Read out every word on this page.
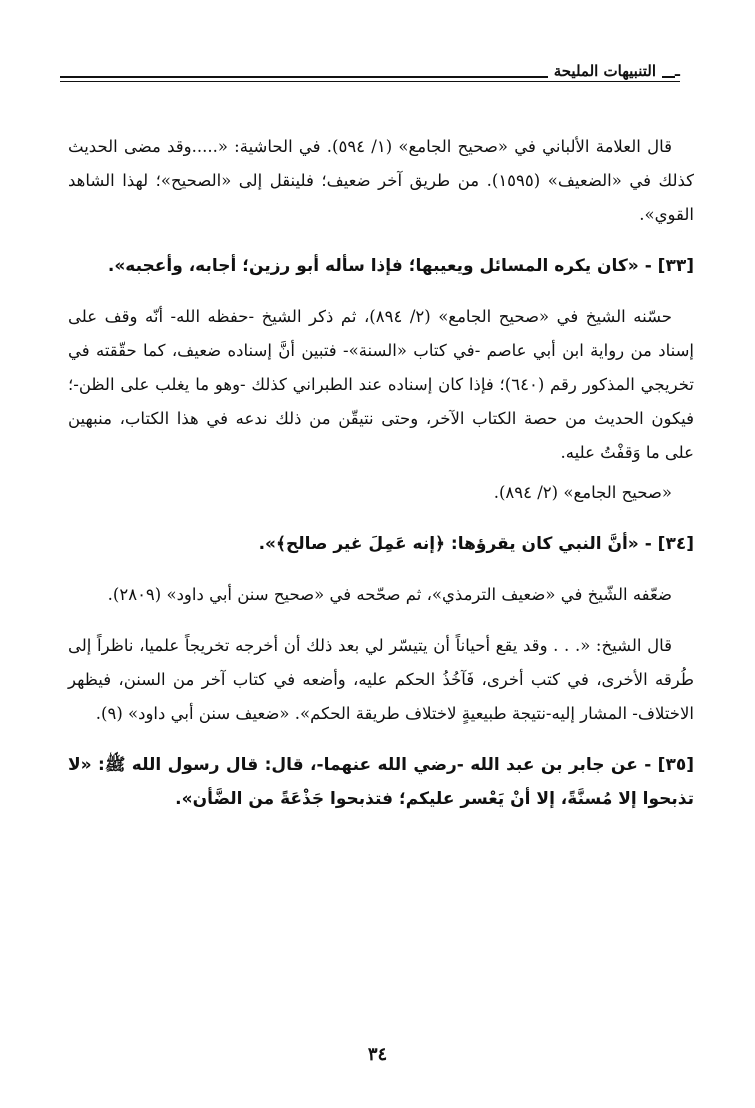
ـ
التنبيهات المليحة

قال العلامة الألباني في «صحيح الجامع» (١/ ٥٩٤). في الحاشية: «.....وقد مضى الحديث كذلك في «الضعيف» (١٥٩٥). من طريق آخر ضعيف؛ فلينقل إلى «الصحيح»؛ لهذا الشاهد القوي».

[٣٣] - «كان يكره المسائل ويعيبها؛ فإذا سأله أبو رزين؛ أجابه، وأعجبه».

حسّنه الشيخ في «صحيح الجامع» (٢/ ٨٩٤)، ثم ذكر الشيخ -حفظه الله- أنّه وقف على إسناد من رواية ابن أبي عاصم -في كتاب «السنة»- فتبين أنَّ إسناده ضعيف، كما حقّقته في تخريجي المذكور رقم (٦٤٠)؛ فإذا كان إسناده عند الطبراني كذلك -وهو ما يغلب على الظن-؛ فيكون الحديث من حصة الكتاب الآخر، وحتى نتيقّن من ذلك ندعه في هذا الكتاب، منبهين على ما وَقفْتُ عليه.

«صحيح الجامع» (٢/ ٨٩٤).

[٣٤] - «أنَّ النبي كان يقرؤها: ﴿إنه عَمِلَ غير صالح﴾».

ضعّفه الشّيخ في «ضعيف الترمذي»، ثم صحّحه في «صحيح سنن أبي داود» (٢٨٠٩).

قال الشيخ: «. . . وقد يقع أحياناً أن يتيسّر لي بعد ذلك أن أخرجه تخريجاً علميا، ناظراً إلى طُرقه الأخرى، في كتب أخرى، فَآخُذُ الحكم عليه، وأضعه في كتاب آخر من السنن، فيظهر الاختلاف- المشار إليه-نتيجة طبيعيةٍ لاختلاف طريقة الحكم». «ضعيف سنن أبي داود» (٩).

[٣٥] - عن جابر بن عبد الله -رضي الله عنهما-، قال: قال رسول الله ﷺ: «لا تذبحوا إلا مُسنَّةً، إلا أنْ يَعْسر عليكم؛ فتذبحوا جَذْعَةً من الضَّأن».

٣٤
